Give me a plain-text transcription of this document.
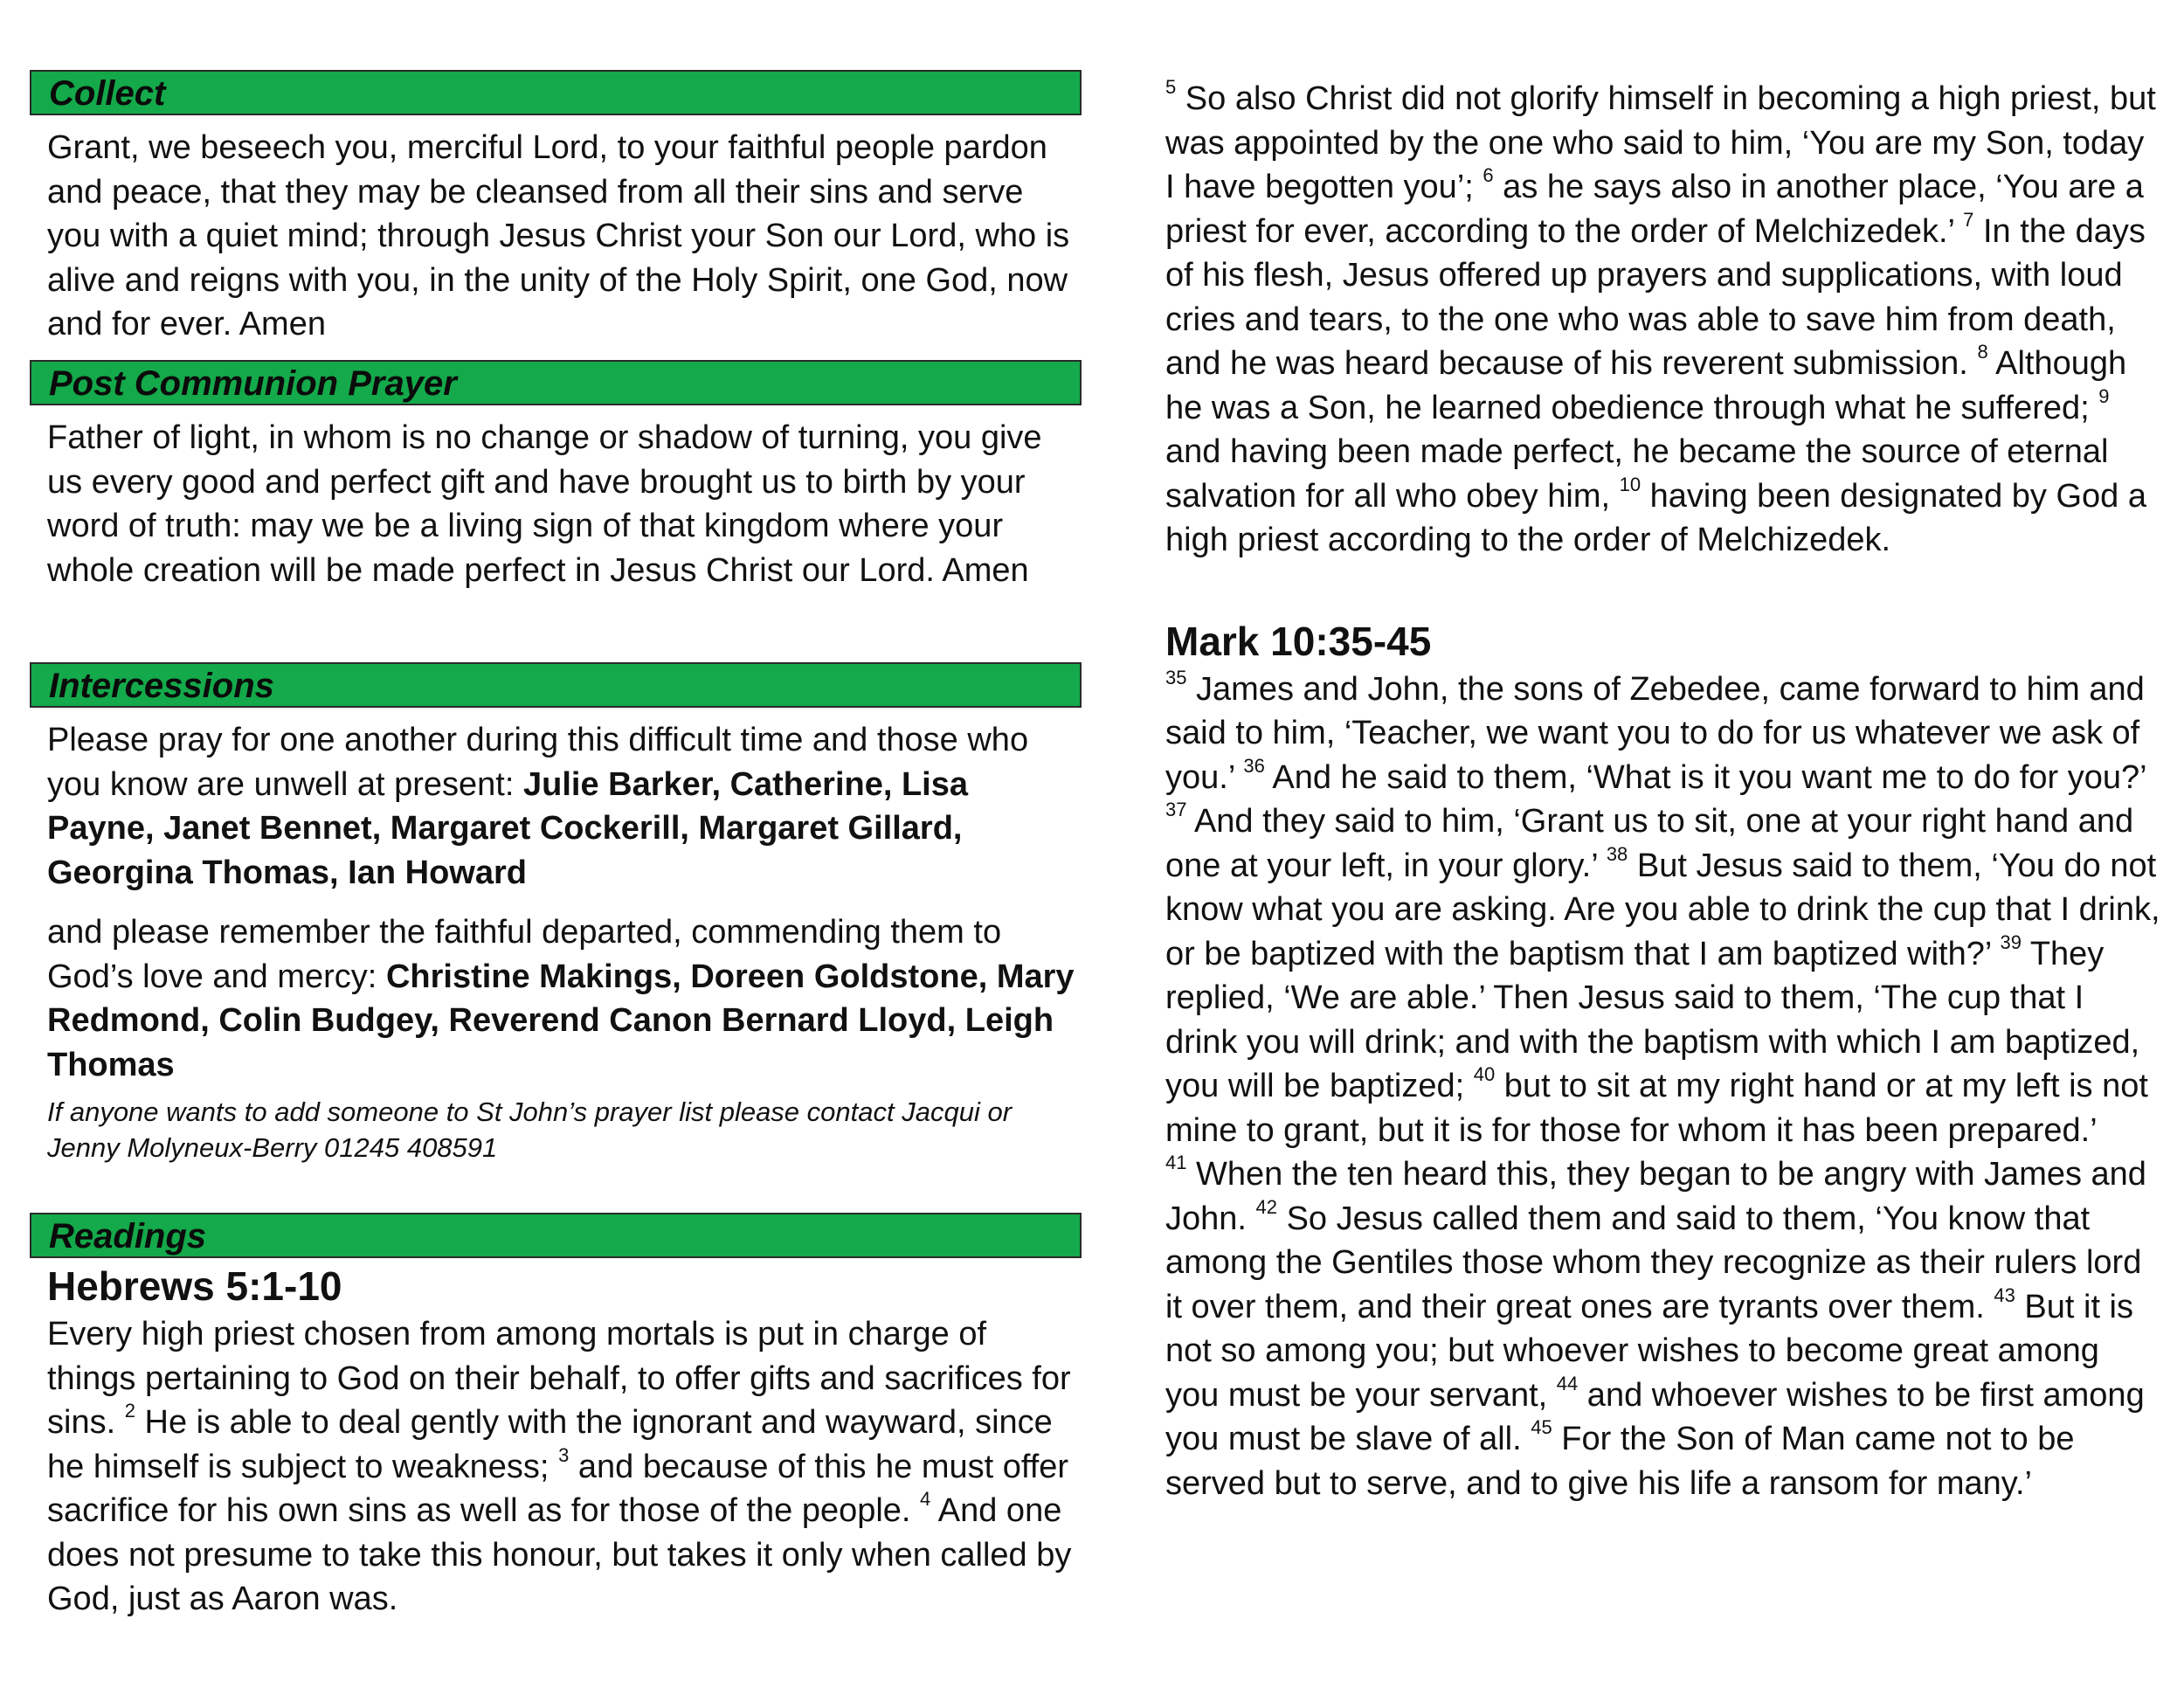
Collect

Grant, we beseech you, merciful Lord, to your faithful people pardon and peace, that they may be cleansed from all their sins and serve you with a quiet mind; through Jesus Christ your Son our Lord, who is alive and reigns with you, in the unity of the Holy Spirit, one God, now and for ever. Amen

Post Communion Prayer

Father of light, in whom is no change or shadow of turning, you give us every good and perfect gift and have brought us to birth by your word of truth: may we be a living sign of that kingdom where your whole creation will be made perfect in Jesus Christ our Lord. Amen

Intercessions

Please pray for one another during this difficult time and those who you know are unwell at present: Julie Barker, Catherine, Lisa Payne, Janet Bennet, Margaret Cockerill, Margaret Gillard, Georgina Thomas, Ian Howard

and please remember the faithful departed, commending them to God’s love and mercy: Christine Makings, Doreen Goldstone, Mary Redmond, Colin Budgey, Reverend Canon Bernard Lloyd, Leigh Thomas

If anyone wants to add someone to St John’s prayer list please contact Jacqui or Jenny Molyneux-Berry 01245 408591

Readings
Hebrews 5:1-10

Every high priest chosen from among mortals is put in charge of things pertaining to God on their behalf, to offer gifts and sacrifices for sins. $^2$ He is able to deal gently with the ignorant and wayward, since he himself is subject to weakness; $^3$ and because of this he must offer sacrifice for his own sins as well as for those of the people. $^4$ And one does not presume to take this honour, but takes it only when called by God, just as Aaron was.

$^5$ So also Christ did not glorify himself in becoming a high priest, but was appointed by the one who said to him, ‘You are my Son, today I have begotten you’; $^6$ as he says also in another place, ‘You are a priest for ever, according to the order of Melchizedek.’ $^7$ In the days of his flesh, Jesus offered up prayers and supplications, with loud cries and tears, to the one who was able to save him from death, and he was heard because of his reverent submission. $^8$ Although he was a Son, he learned obedience through what he suffered; $^9$ and having been made perfect, he became the source of eternal salvation for all who obey him, $^{10}$ having been designated by God a high priest according to the order of Melchizedek.

Mark 10:35-45

$^{35}$ James and John, the sons of Zebedee, came forward to him and said to him, ‘Teacher, we want you to do for us whatever we ask of you.’ $^{36}$ And he said to them, ‘What is it you want me to do for you?’ $^{37}$ And they said to him, ‘Grant us to sit, one at your right hand and one at your left, in your glory.’ $^{38}$ But Jesus said to them, ‘You do not know what you are asking. Are you able to drink the cup that I drink, or be baptized with the baptism that I am baptized with?’ $^{39}$ They replied, ‘We are able.’ Then Jesus said to them, ‘The cup that I drink you will drink; and with the baptism with which I am baptized, you will be baptized; $^{40}$ but to sit at my right hand or at my left is not mine to grant, but it is for those for whom it has been prepared.’

$^{41}$ When the ten heard this, they began to be angry with James and John. $^{42}$ So Jesus called them and said to them, ‘You know that among the Gentiles those whom they recognize as their rulers lord it over them, and their great ones are tyrants over them. $^{43}$ But it is not so among you; but whoever wishes to become great among you must be your servant, $^{44}$ and whoever wishes to be first among you must be slave of all. $^{45}$ For the Son of Man came not to be served but to serve, and to give his life a ransom for many.’
